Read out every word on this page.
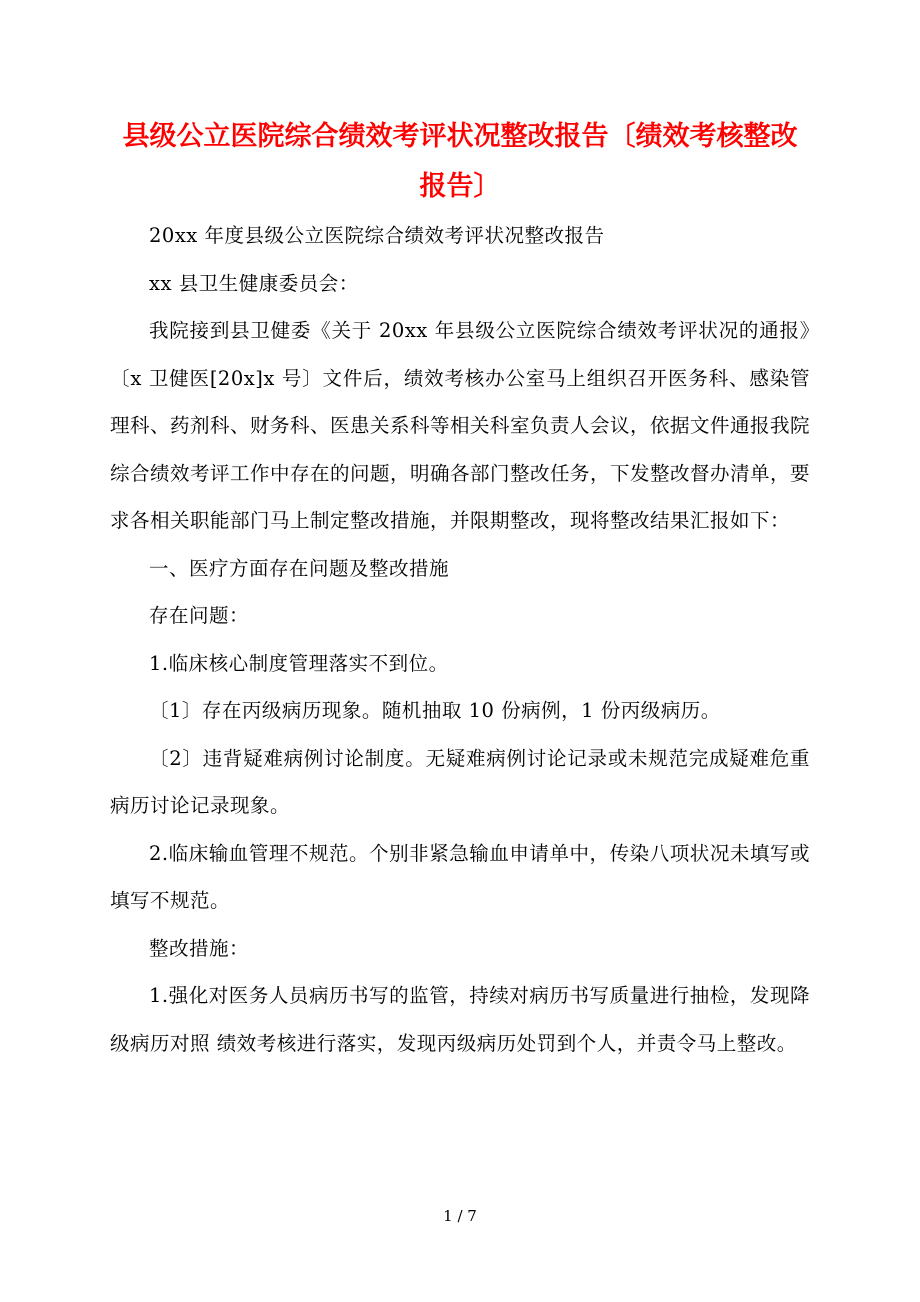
县级公立医院综合绩效考评状况整改报告〔绩效考核整改报告〕

20xx 年度县级公立医院综合绩效考评状况整改报告

xx 县卫生健康委员会：

我院接到县卫健委《关于 20xx 年县级公立医院综合绩效考评状况的通报》〔x 卫健医[20x]x 号〕文件后，绩效考核办公室马上组织召开医务科、感染管理科、药剂科、财务科、医患关系科等相关科室负责人会议，依据文件通报我院综合绩效考评工作中存在的问题，明确各部门整改任务，下发整改督办清单，要求各相关职能部门马上制定整改措施，并限期整改，现将整改结果汇报如下：

一、医疗方面存在问题及整改措施

存在问题：

1.临床核心制度管理落实不到位。

〔1〕存在丙级病历现象。随机抽取 10 份病例，1 份丙级病历。

〔2〕违背疑难病例讨论制度。无疑难病例讨论记录或未规范完成疑难危重病历讨论记录现象。

2.临床输血管理不规范。个别非紧急输血申请单中，传染八项状况未填写或填写不规范。

整改措施：

1.强化对医务人员病历书写的监管，持续对病历书写质量进行抽检，发现降级病历对照 绩效考核进行落实，发现丙级病历处罚到个人，并责令马上整改。

1 / 7
